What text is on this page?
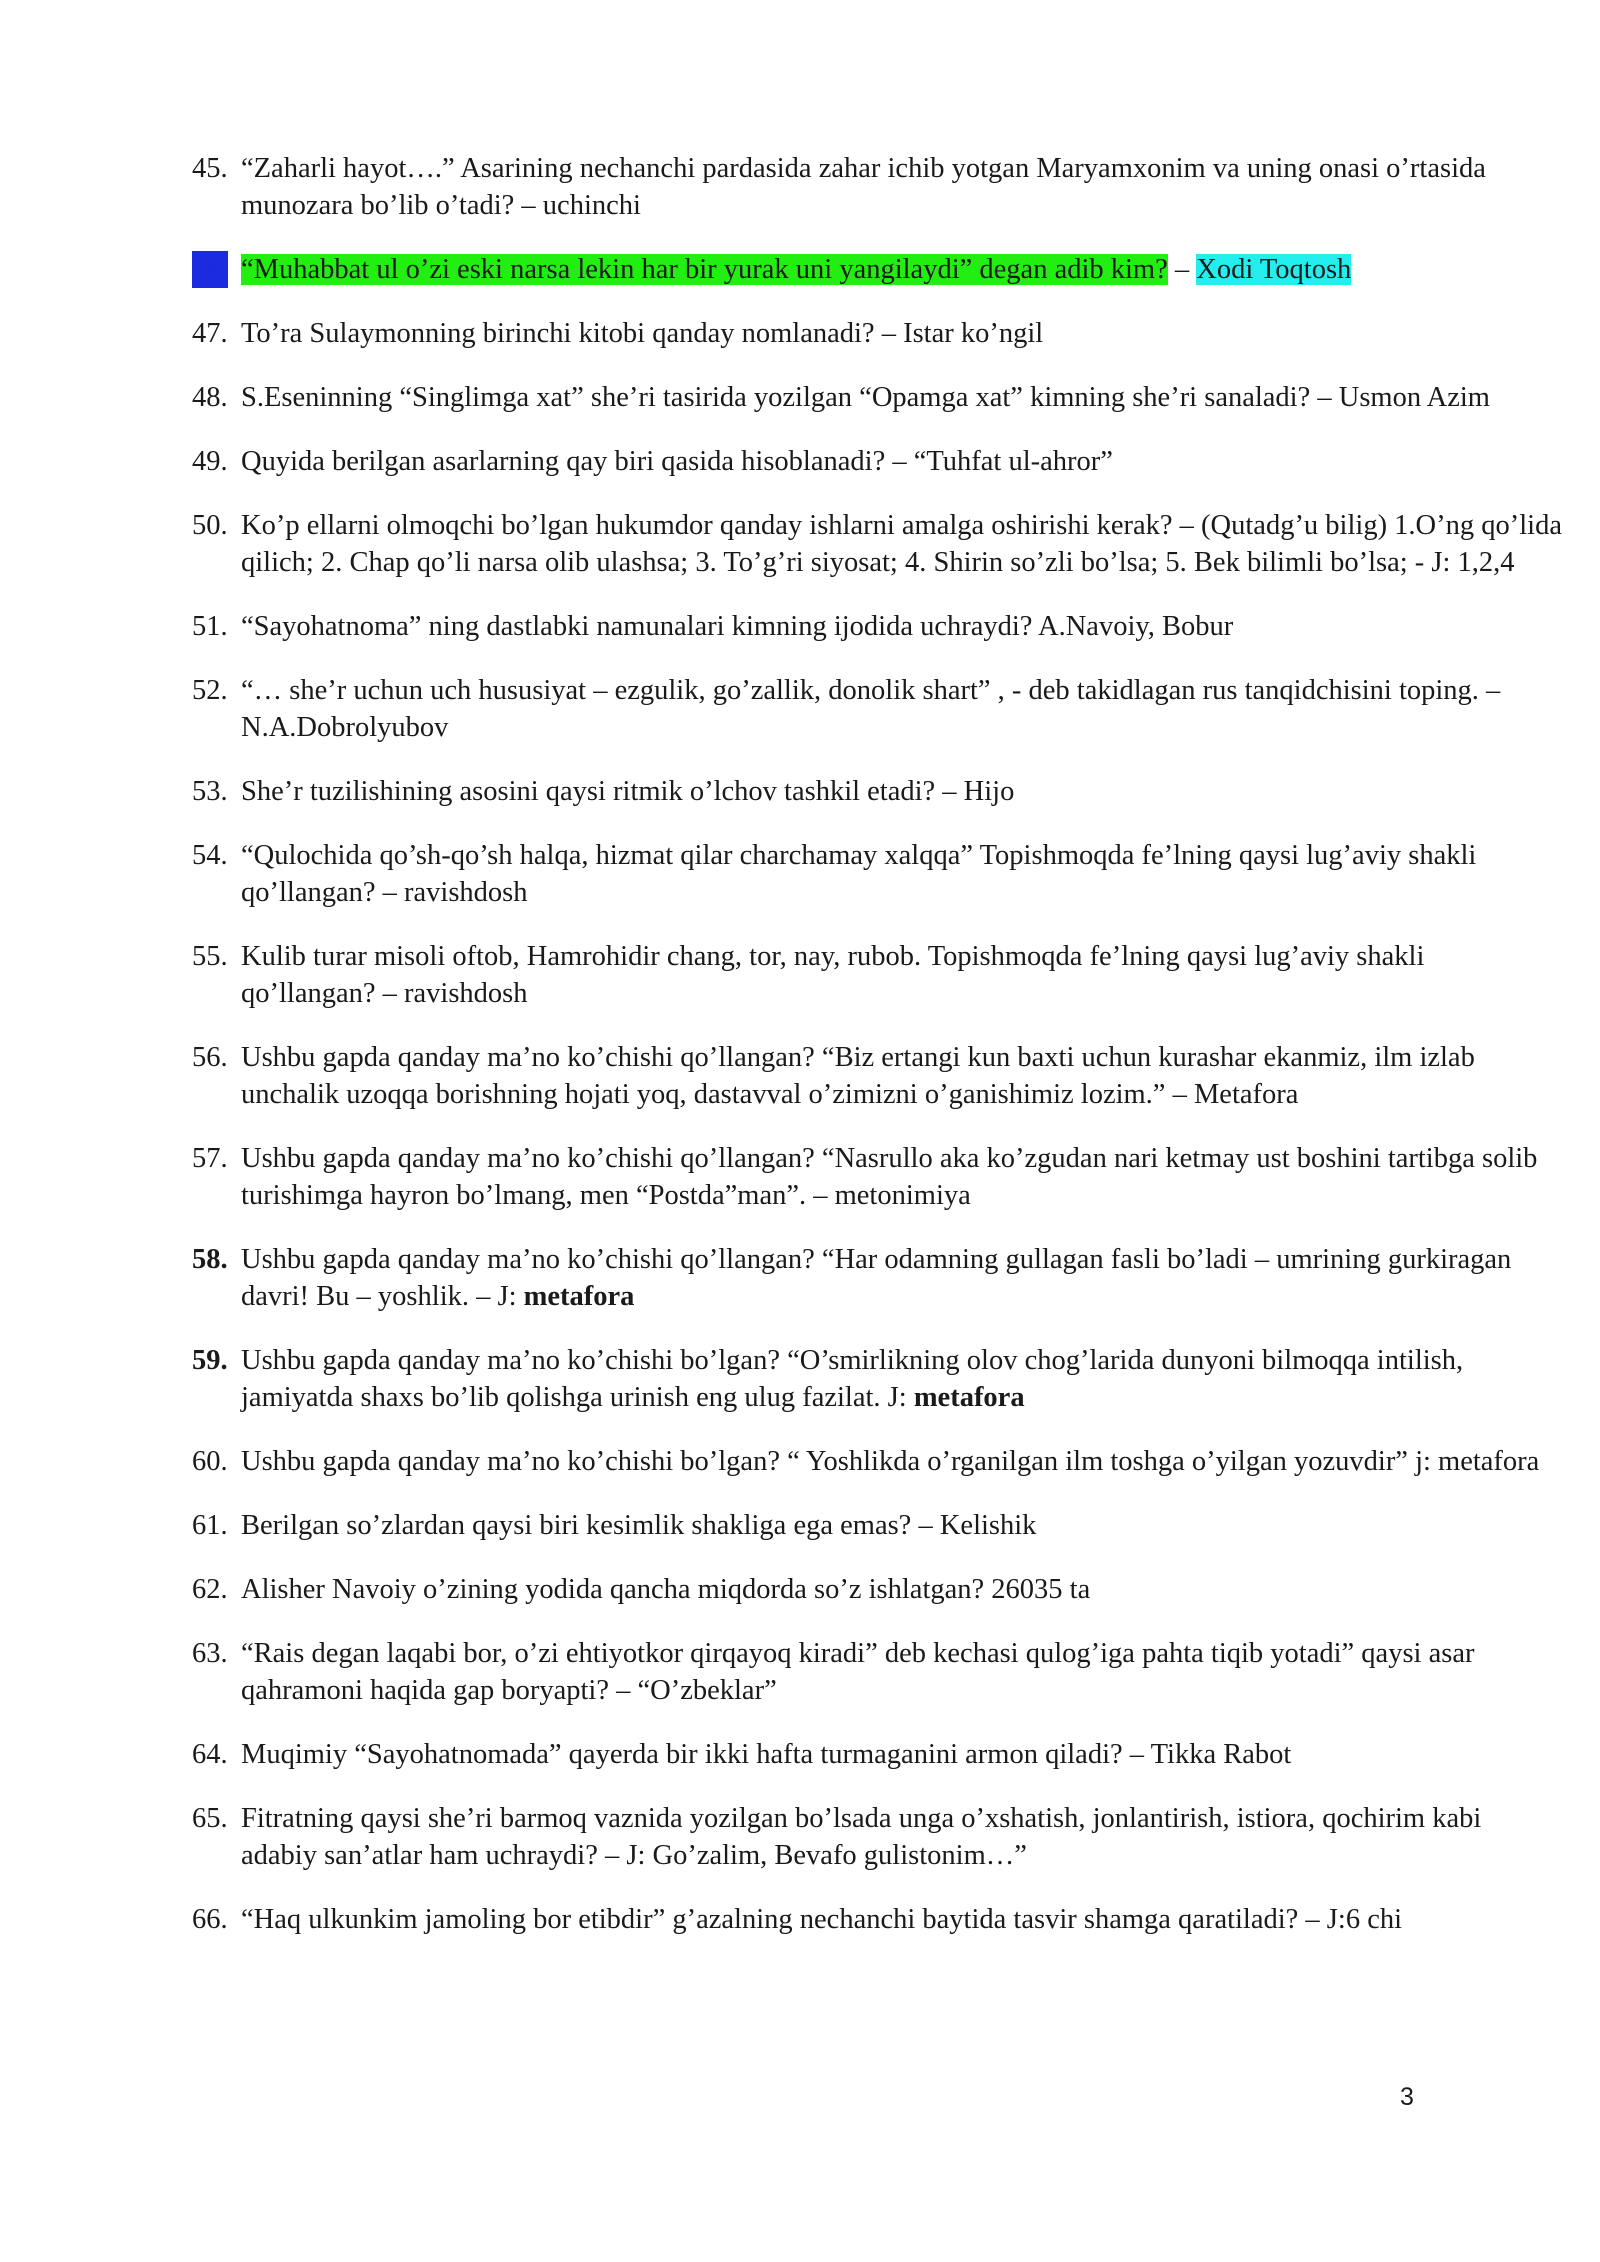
45. “Zaharli hayot….” Asarining nechanchi pardasida zahar ichib yotgan Maryamxonim va uning onasi o’rtasida munozara bo’lib o’tadi? – uchinchi
46. “Muhabbat ul o’zi eski narsa lekin har bir yurak uni yangilaydi” degan adib kim? – Xodi Toqtosh
47. To’ra Sulaymonning birinchi kitobi qanday nomlanadi? – Istar ko’ngil
48. S.Eseninning “Singlimga xat” she’ri tasirida yozilgan “Opamga xat” kimning she’ri sanaladi? – Usmon Azim
49. Quyida berilgan asarlarning qay biri qasida hisoblanadi? – “Tuhfat ul-ahror”
50. Ko’p ellarni olmoqchi bo’lgan hukumdor qanday ishlarni amalga oshirishi kerak? – (Qutadg’u bilig) 1.O’ng qo’lida qilich; 2. Chap qo’li narsa olib ulashsa; 3. To’g’ri siyosat; 4. Shirin so’zli bo’lsa; 5. Bek bilimli bo’lsa; - J: 1,2,4
51. “Sayohatnoma” ning dastlabki namunalari kimning ijodida uchraydi? A.Navoiy, Bobur
52. “… she’r uchun uch hususiyat – ezgulik, go’zallik, donolik shart” , - deb takidlagan rus tanqidchisini toping. – N.A.Dobrolyubov
53. She’r tuzilishining asosini qaysi ritmik o’lchov tashkil etadi? – Hijo
54. “Qulochida qo’sh-qo’sh halqa, hizmat qilar charchamay xalqqa” Topishmoqda fe’lning qaysi lug’aviy shakli qo’llangan? – ravishdosh
55. Kulib turar misoli oftob, Hamrohidir chang, tor, nay, rubob. Topishmoqda fe’lning qaysi lug’aviy shakli qo’llangan? – ravishdosh
56. Ushbu gapda qanday ma’no ko’chishi qo’llangan? “Biz ertangi kun baxti uchun kurashar ekanmiz, ilm izlab unchalik uzoqqa borishning hojati yoq, dastavval o’zimizni o’ganishimiz lozim.” – Metafora
57. Ushbu gapda qanday ma’no ko’chishi qo’llangan? “Nasrullo aka ko’zgudan nari ketmay ust boshini tartibga solib turishimga hayron bo’lmang, men “Postda”man”. – metonimiya
58. Ushbu gapda qanday ma’no ko’chishi qo’llangan? “Har odamning gullagan fasli bo’ladi – umrining gurkiragan davri! Bu – yoshlik. – J: metafora
59. Ushbu gapda qanday ma’no ko’chishi bo’lgan? “O’smirlikning olov chog’larida dunyoni bilmoqqa intilish, jamiyatda shaxs bo’lib qolishga urinish eng ulug fazilat. J: metafora
60. Ushbu gapda qanday ma’no ko’chishi bo’lgan? “ Yoshlikda o’rganilgan ilm toshga o’yilgan yozuvdir” j: metafora
61. Berilgan so’zlardan qaysi biri kesimlik shakliga ega emas? – Kelishik
62. Alisher Navoiy o’zining yodida qancha miqdorda so’z ishlatgan? 26035 ta
63. “Rais degan laqabi bor, o’zi ehtiyotkor qirqayoq kiradi” deb kechasi qulog’iga pahta tiqib yotadi” qaysi asar qahramoni haqida gap boryapti? – “O’zbeklar”
64. Muqimiy “Sayohatnomada” qayerda bir ikki hafta turmaganini armon qiladi? – Tikka Rabot
65. Fitratning qaysi she’ri barmoq vaznida yozilgan bo’lsada unga o’xshatish, jonlantirish, istiora, qochirim kabi adabiy san’atlar ham uchraydi? – J: Go’zalim, Bevafo gulistonim…”
66. “Haq ulkunkim jamoling bor etibdir” g’azalning nechanchi baytida tasvir shamga qaratiladi? – J:6 chi
3
